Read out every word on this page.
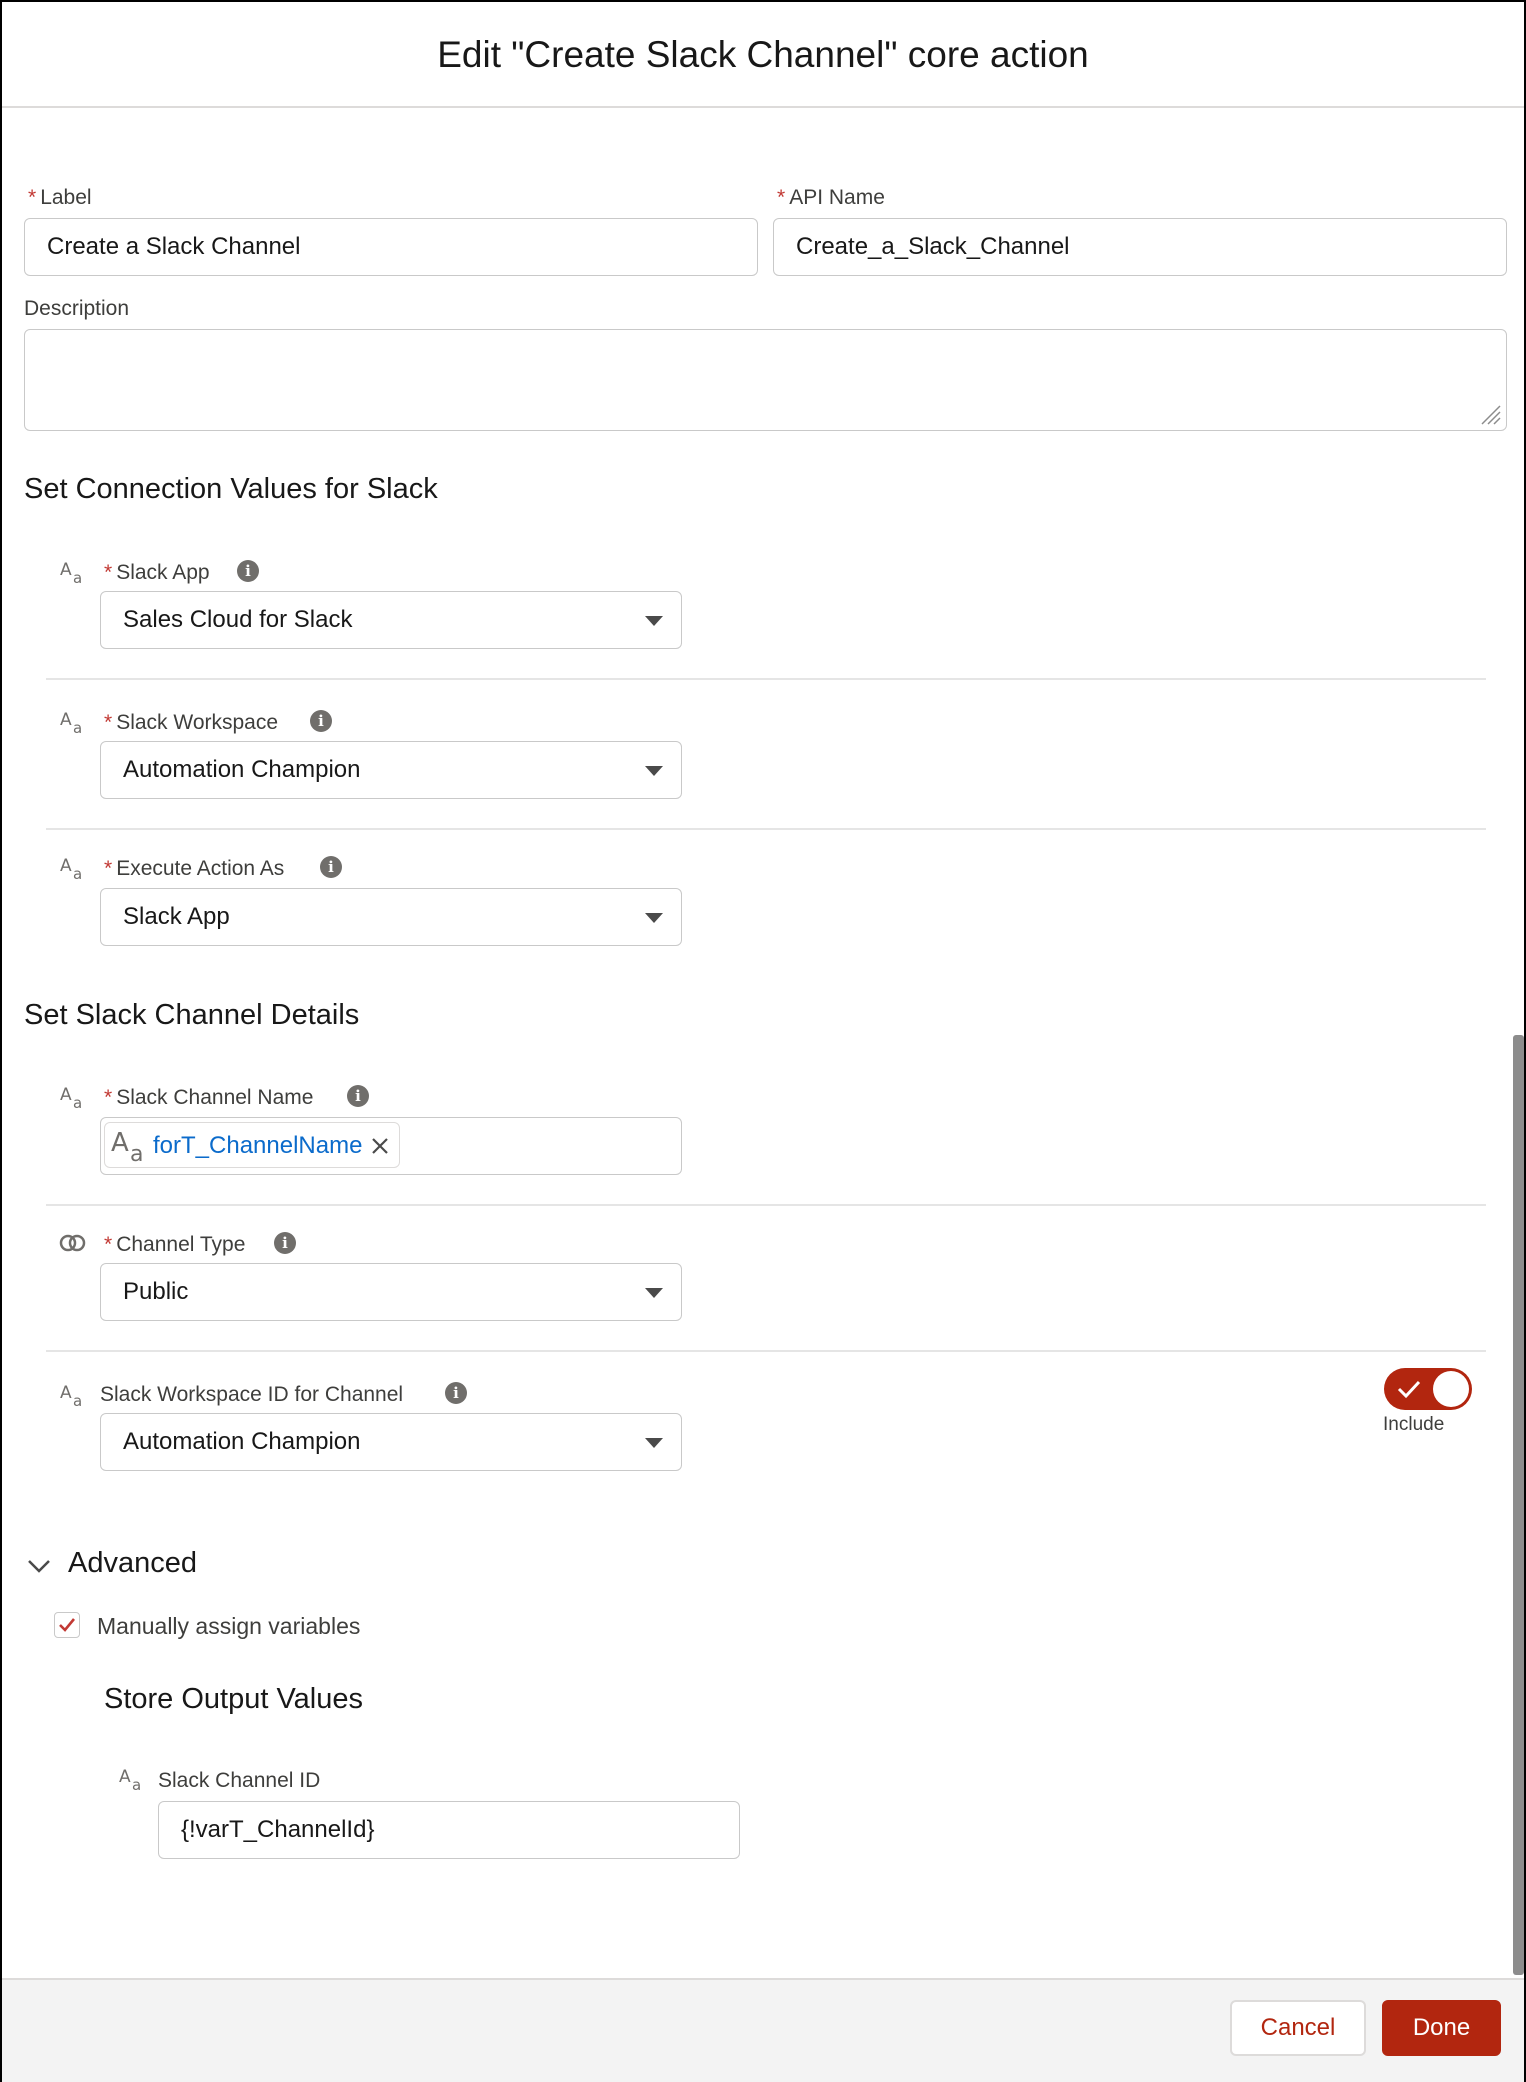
Edit "Create Slack Channel" core action
* Label
Create a Slack Channel
* API Name
Create_a_Slack_Channel
Description
Set Connection Values for Slack
A a * Slack App	i
Sales Cloud for Slack
A a * Slack Workspace	i
Automation Champion
A a * Execute Action As	i
Slack App
Set Slack Channel Details
A a * Slack Channel Name	i
A a forT_ChannelName
* Channel Type	i
Public
A a Slack Workspace ID for Channel	i
Automation Champion
Include
Advanced
Manually assign variables
Store Output Values
A a Slack Channel ID
{!varT_ChannelId}
Cancel	Done
